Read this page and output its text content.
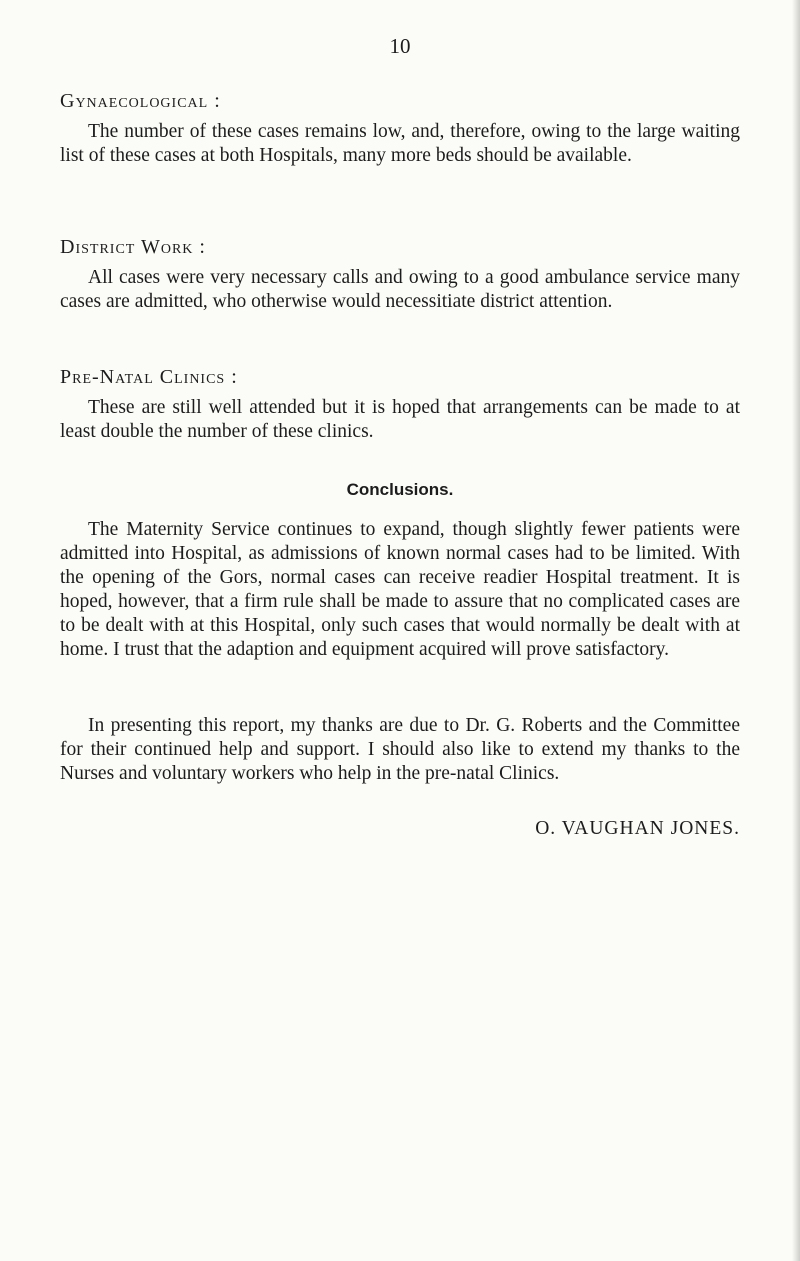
10
Gynaecological :

The number of these cases remains low, and, therefore, owing to the large waiting list of these cases at both Hospitals, many more beds should be available.

District Work :

All cases were very necessary calls and owing to a good ambulance service many cases are admitted, who otherwise would necessitiate district attention.

Pre-Natal Clinics :

These are still well attended but it is hoped that arrangements can be made to at least double the number of these clinics.

Conclusions.

The Maternity Service continues to expand, though slightly fewer patients were admitted into Hospital, as admissions of known normal cases had to be limited. With the opening of the Gors, normal cases can receive readier Hospital treatment. It is hoped, however, that a firm rule shall be made to assure that no complicated cases are to be dealt with at this Hospital, only such cases that would normally be dealt with at home. I trust that the adaption and equipment acquired will prove satisfactory.

In presenting this report, my thanks are due to Dr. G. Roberts and the Committee for their continued help and support. I should also like to extend my thanks to the Nurses and voluntary workers who help in the pre-natal Clinics.

O. VAUGHAN JONES.
